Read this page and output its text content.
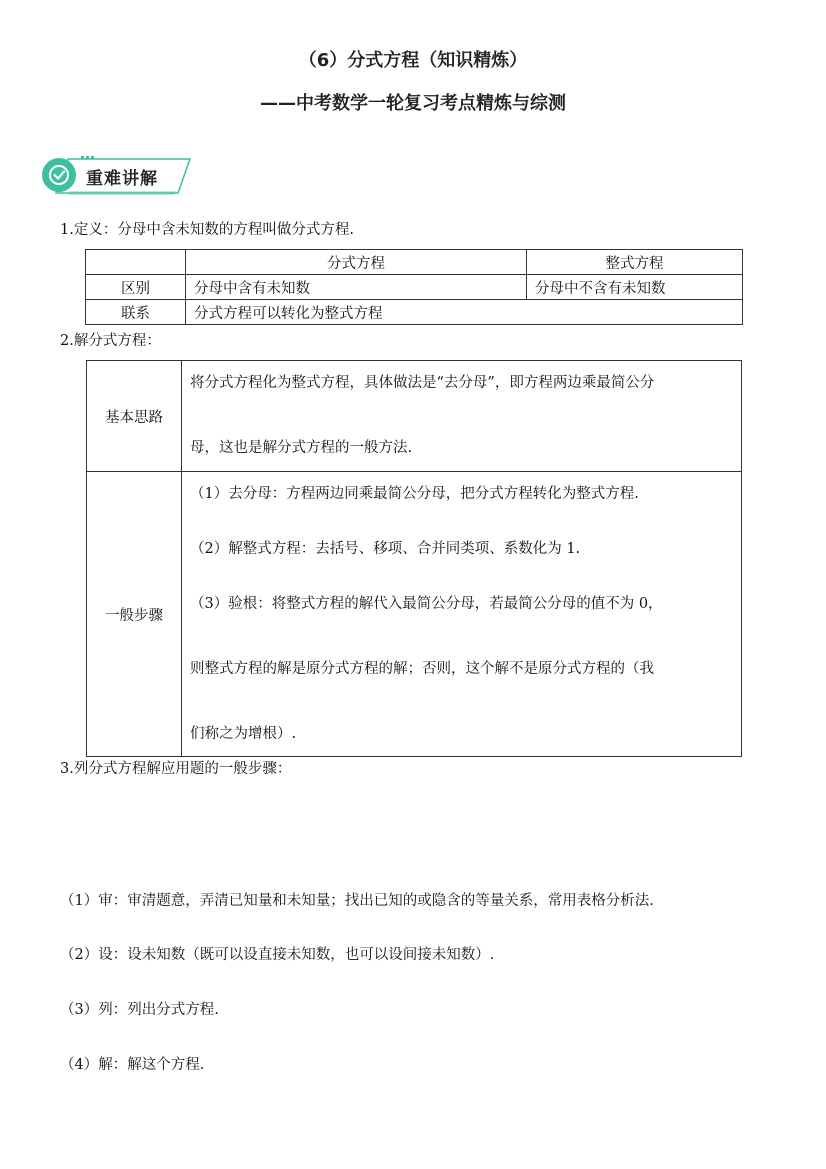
（6）分式方程（知识精炼）
——中考数学一轮复习考点精炼与综测
重难讲解
1.定义：分母中含未知数的方程叫做分式方程.
	分式方程	整式方程
区别	分母中含有未知数	分母中不含有未知数
联系	分式方程可以转化为整式方程	
2.解分式方程：
基本思路	将分式方程化为整式方程，具体做法是“去分母”，即方程两边乘最简公分
母，这也是解分式方程的一般方法.

一般步骤	（1）去分母：方程两边同乘最简公分母，把分式方程转化为整式方程.
（2）解整式方程：去括号、移项、合并同类项、系数化为 1.
（3）验根：将整式方程的解代入最简公分母，若最简公分母的值不为 0，
则整式方程的解是原分式方程的解；否则，这个解不是原分式方程的（我
们称之为增根）.
3.列分式方程解应用题的一般步骤：
（1）审：审清题意，弄清已知量和未知量；找出已知的或隐含的等量关系，常用表格分析法.
（2）设：设未知数（既可以设直接未知数，也可以设间接未知数）.
（3）列：列出分式方程.
（4）解：解这个方程.
